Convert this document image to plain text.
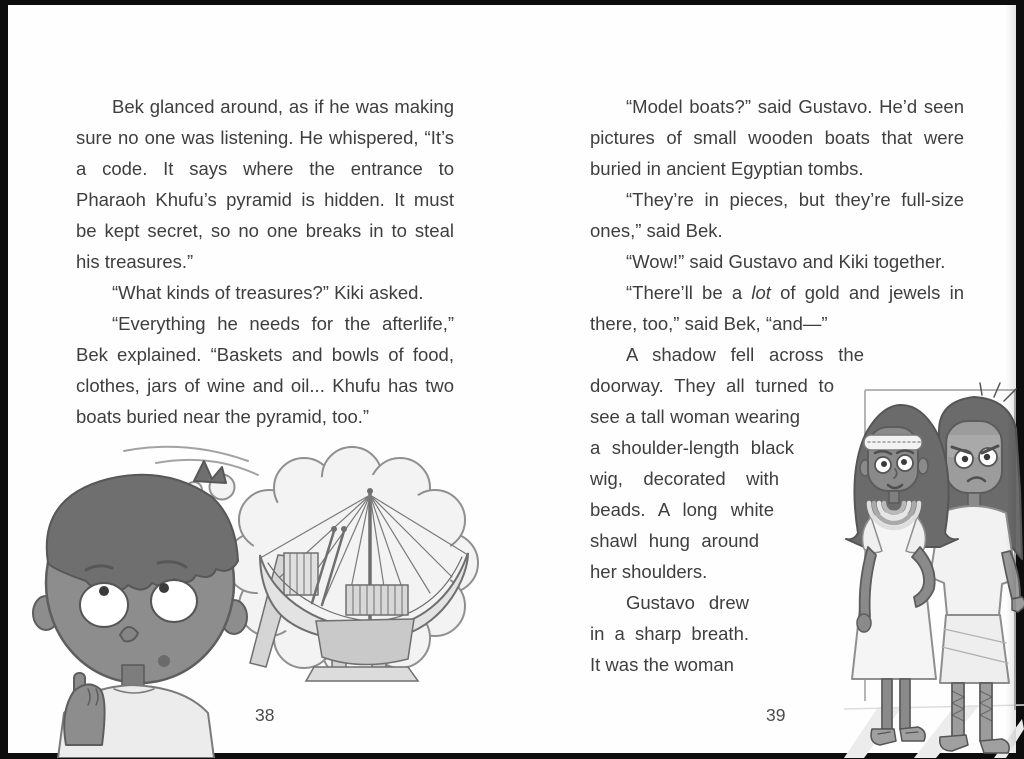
Bek glanced around, as if he was making sure no one was listening. He whispered, “It’s a code. It says where the entrance to Pharaoh Khufu’s pyramid is hidden. It must be kept secret, so no one breaks in to steal his treasures.”

“What kinds of treasures?” Kiki asked.

“Everything he needs for the afterlife,” Bek explained. “Baskets and bowls of food, clothes, jars of wine and oil... Khufu has two boats buried near the pyramid, too.”

“Model boats?” said Gustavo. He’d seen pictures of small wooden boats that were buried in ancient Egyptian tombs.

“They’re in pieces, but they’re full-size ones,” said Bek.

“Wow!” said Gustavo and Kiki together.

“There’ll be a lot of gold and jewels in there, too,” said Bek, “and—”

A shadow fell across the doorway. They all turned to see a tall woman wearing a shoulder-length black wig, decorated with beads. A long white shawl hung around her shoulders.

Gustavo drew in a sharp breath. It was the woman

38	39
